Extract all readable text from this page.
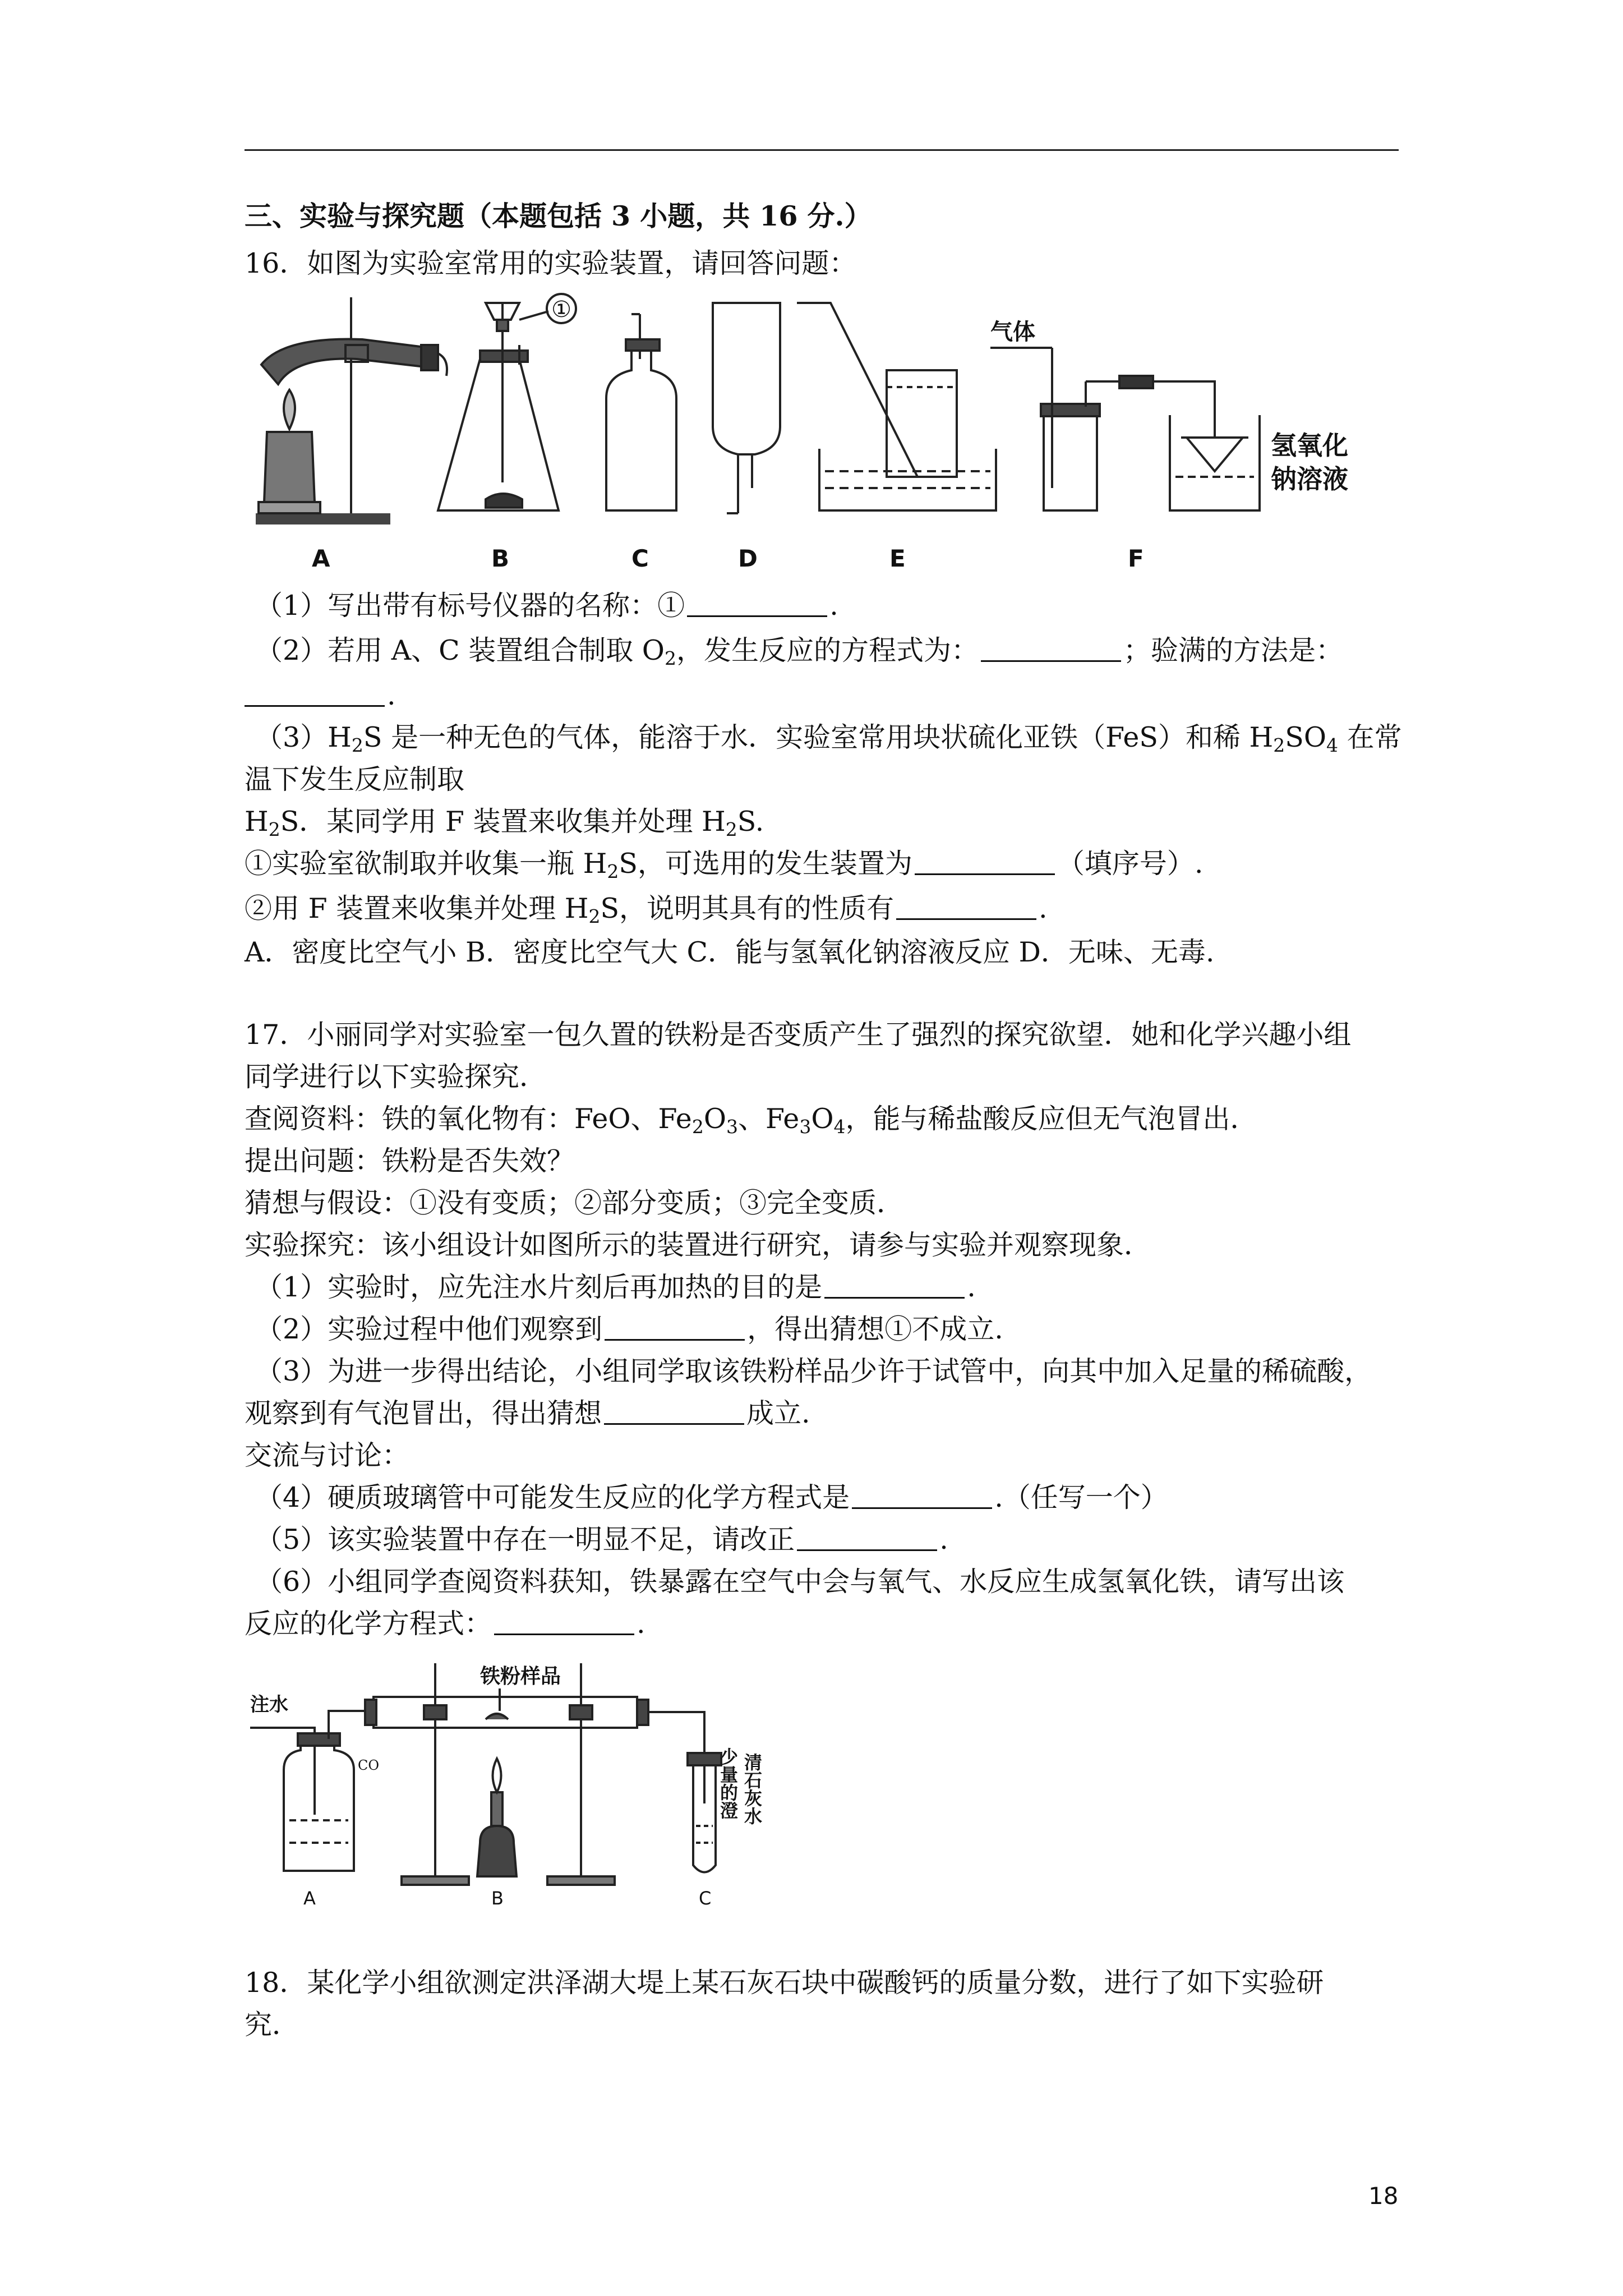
三、实验与探究题（本题包括 3 小题，共 16 分.）
16．如图为实验室常用的实验装置，请回答问题：
①
气体
氢氧化
钠溶液
A	B	C	D	E	F
（1）写出带有标号仪器的名称：①	.
（2）若用 A、C 装置组合制取 $O_2$，发生反应的方程式为：	；验满的方法是：
.
$(3)H_2S$ 是一种无色的气体，能溶于水．实验室常用块状硫化亚铁（FeS）和稀 $H_2SO_4$ 在常
温下发生反应制取
$H_2S$．某同学用 F 装置来收集并处理 $H_2S$.
①实验室欲制取并收集一瓶 $H_2S$，可选用的发生装置为	（填序号）.
②用 F 装置来收集并处理 $H_2S$，说明其具有的性质有	.
A．密度比空气小 B．密度比空气大 C．能与氢氧化钠溶液反应 D．无味、无毒.
17．小丽同学对实验室一包久置的铁粉是否变质产生了强烈的探究欲望．她和化学兴趣小组
同学进行以下实验探究．
查阅资料：铁的氧化物有：FeO、$Fe_2O_3$、$Fe_3O_4$，能与稀盐酸反应但无气泡冒出．
提出问题：铁粉是否失效？
猜想与假设：①没有变质；②部分变质；③完全变质．
实验探究：该小组设计如图所示的装置进行研究，请参与实验并观察现象．
（1）实验时，应先注水片刻后再加热的目的是	.
（2）实验过程中他们观察到	，得出猜想①不成立.
（3）为进一步得出结论，小组同学取该铁粉样品少许于试管中，向其中加入足量的稀硫酸，
观察到有气泡冒出，得出猜想	成立.
交流与讨论：
（4）硬质玻璃管中可能发生反应的化学方程式是	.（任写一个）
（5）该实验装置中存在一明显不足，请改正	.
（6）小组同学查阅资料获知，铁暴露在空气中会与氧气、水反应生成氢氧化铁，请写出该
反应的化学方程式：	.
注水
CO
铁粉样品
清石灰水
少量的澄
A	B	C
18．某化学小组欲测定洪泽湖大堤上某石灰石块中碳酸钙的质量分数，进行了如下实验研
究．
18
